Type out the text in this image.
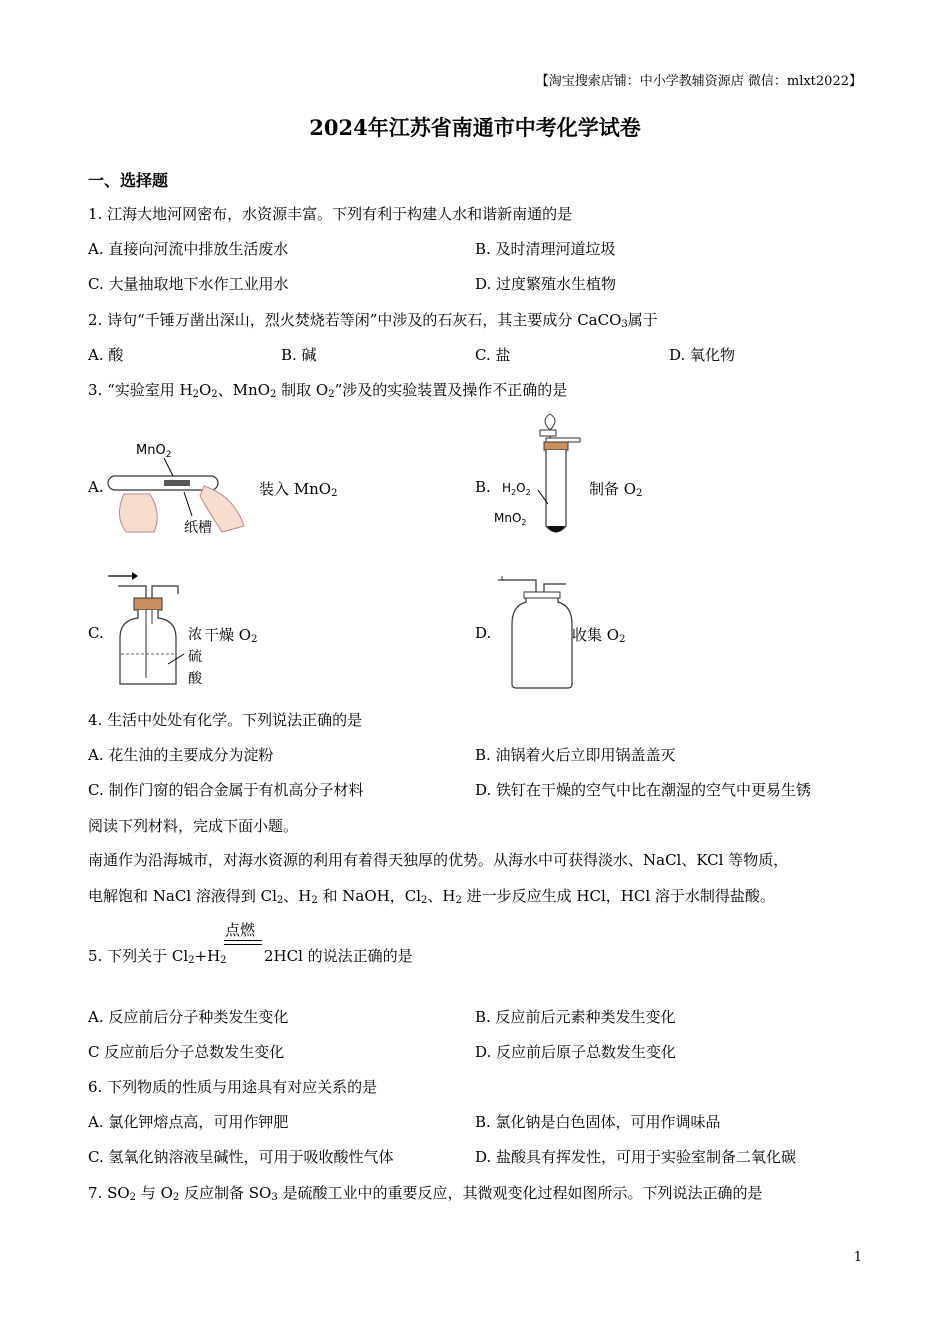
【淘宝搜索店铺：中小学教辅资源店 微信：mlxt2022】
2024年江苏省南通市中考化学试卷
一、选择题
1. 江海大地河网密布，水资源丰富。下列有利于构建人水和谐新南通的是
A. 直接向河流中排放生活废水	B. 及时清理河道垃圾
C. 大量抽取地下水作工业用水	D. 过度繁殖水生植物
2. 诗句“千锤万凿出深山，烈火焚烧若等闲”中涉及的石灰石，其主要成分 CaCO$_3$属于
A. 酸	B. 碱	C. 盐	D. 氧化物
3. “实验室用 $H_2O_2$、MnO$_2$ 制取 $O_2$”涉及的实验装置及操作不正确的是
A.
MnO$_2$
纸槽
装入 MnO$_2$	B. $H_2O_2$
MnO$_2$
制备 $O_2$
C.	浓
硫
酸
干燥 $O_2$	D.	收集 $O_2$
4. 生活中处处有化学。下列说法正确的是
A. 花生油的主要成分为淀粉	B. 油锅着火后立即用锅盖盖灭
C. 制作门窗的铝合金属于有机高分子材料	D. 铁钉在干燥的空气中比在潮湿的空气中更易生锈
阅读下列材料，完成下面小题。
南通作为沿海城市，对海水资源的利用有着得天独厚的优势。从海水中可获得淡水、NaCl、KCl 等物质，
电解饱和 NaCl 溶液得到 $Cl_2$、$H_2$ 和 NaOH，$Cl_2$、$H_2$ 进一步反应生成 HCl，HCl 溶于水制得盐酸。
点燃
5. 下列关于 $Cl_2+H_2$ 2HCl 的说法正确的是
A. 反应前后分子种类发生变化	B. 反应前后元素种类发生变化
C 反应前后分子总数发生变化	D. 反应前后原子总数发生变化
6. 下列物质的性质与用途具有对应关系的是
A. 氯化钾熔点高，可用作钾肥	B. 氯化钠是白色固体，可用作调味品
C. 氢氧化钠溶液呈碱性，可用于吸收酸性气体	D. 盐酸具有挥发性，可用于实验室制备二氧化碳
7. $SO_2$ 与 $O_2$ 反应制备 $SO_3$ 是硫酸工业中的重要反应，其微观变化过程如图所示。下列说法正确的是
1
